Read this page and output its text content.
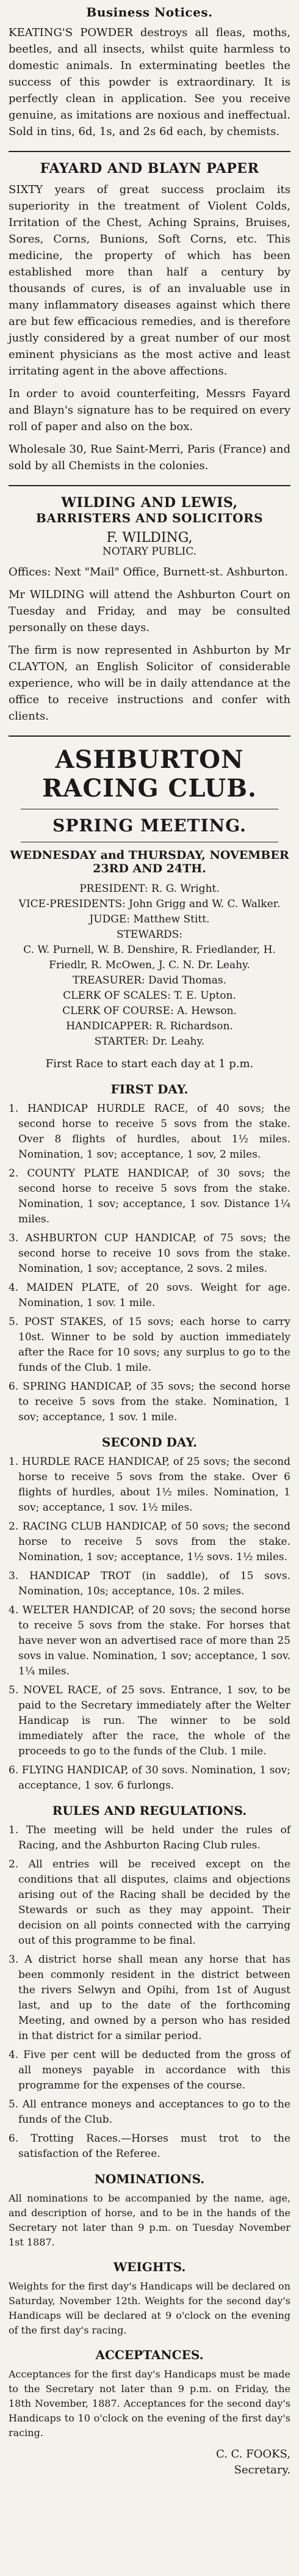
Business Notices.

KEATING'S POWDER destroys all fleas, moths, beetles, and all insects, whilst quite harmless to domestic animals. In exterminating beetles the success of this powder is extraordinary. It is perfectly clean in application. See you receive genuine, as imitations are noxious and ineffectual. Sold in tins, 6d, 1s, and 2s 6d each, by chemists.

FAYARD AND BLAYN PAPER

SIXTY years of great success proclaim its superiority in the treatment of Violent Colds, Irritation of the Chest, Aching Sprains, Bruises, Sores, Corns, Bunions, Soft Corns, etc. This medicine, the property of which has been established more than half a century by thousands of cures, is of an invaluable use in many inflammatory diseases against which there are but few efficacious remedies, and is therefore justly considered by a great number of our most eminent physicians as the most active and least irritating agent in the above affections.

In order to avoid counterfeiting, Messrs Fayard and Blayn's signature has to be required on every roll of paper and also on the box.

Wholesale 30, Rue Saint-Merri, Paris (France) and sold by all Chemists in the colonies.

WILDING AND LEWIS,
BARRISTERS AND SOLICITORS
F. WILDING,
NOTARY PUBLIC.

Offices: Next "Mail" Office, Burnett-st. Ashburton.

Mr WILDING will attend the Ashburton Court on Tuesday and Friday, and may be consulted personally on these days.

The firm is now represented in Ashburton by Mr CLAYTON, an English Solicitor of considerable experience, who will be in daily attendance at the office to receive instructions and confer with clients.

ASHBURTON RACING CLUB.
SPRING MEETING.
WEDNESDAY and THURSDAY, NOVEMBER 23RD AND 24TH.

PRESIDENT: R. G. Wright.

VICE-PRESIDENTS: John Grigg and W. C. Walker.

JUDGE: Matthew Stitt.

STEWARDS:

C. W. Purnell, W. B. Denshire, R. Friedlander, H. Friedlr, R. McOwen, J. C. N. Dr. Leahy.

TREASURER: David Thomas.

CLERK OF SCALES: T. E. Upton.

CLERK OF COURSE: A. Hewson.

HANDICAPPER: R. Richardson.

STARTER: Dr. Leahy.

First Race to start each day at 1 p.m.

FIRST DAY.

1. HANDICAP HURDLE RACE, of 40 sovs; the second horse to receive 5 sovs from the stake. Over 8 flights of hurdles, about 1½ miles. Nomination, 1 sov; acceptance, 1 sov, 2 miles.

2. COUNTY PLATE HANDICAP, of 30 sovs; the second horse to receive 5 sovs from the stake. Nomination, 1 sov; acceptance, 1 sov. Distance 1¼ miles.

3. ASHBURTON CUP HANDICAP, of 75 sovs; the second horse to receive 10 sovs from the stake. Nomination, 1 sov; acceptance, 2 sovs. 2 miles.

4. MAIDEN PLATE, of 20 sovs. Weight for age. Nomination, 1 sov. 1 mile.

5. POST STAKES, of 15 sovs; each horse to carry 10st. Winner to be sold by auction immediately after the Race for 10 sovs; any surplus to go to the funds of the Club. 1 mile.

6. SPRING HANDICAP, of 35 sovs; the second horse to receive 5 sovs from the stake. Nomination, 1 sov; acceptance, 1 sov. 1 mile.

SECOND DAY.

1. HURDLE RACE HANDICAP, of 25 sovs; the second horse to receive 5 sovs from the stake. Over 6 flights of hurdles, about 1½ miles. Nomination, 1 sov; acceptance, 1 sov. 1½ miles.

2. RACING CLUB HANDICAP, of 50 sovs; the second horse to receive 5 sovs from the stake. Nomination, 1 sov; acceptance, 1½ sovs. 1½ miles.

3. HANDICAP TROT (in saddle), of 15 sovs. Nomination, 10s; acceptance, 10s. 2 miles.

4. WELTER HANDICAP, of 20 sovs; the second horse to receive 5 sovs from the stake. For horses that have never won an advertised race of more than 25 sovs in value. Nomination, 1 sov; acceptance, 1 sov. 1¼ miles.

5. NOVEL RACE, of 25 sovs. Entrance, 1 sov, to be paid to the Secretary immediately after the Welter Handicap is run. The winner to be sold immediately after the race, the whole of the proceeds to go to the funds of the Club. 1 mile.

6. FLYING HANDICAP, of 30 sovs. Nomination, 1 sov; acceptance, 1 sov. 6 furlongs.

RULES AND REGULATIONS.

1. The meeting will be held under the rules of Racing, and the Ashburton Racing Club rules.

2. All entries will be received except on the conditions that all disputes, claims and objections arising out of the Racing shall be decided by the Stewards or such as they may appoint. Their decision on all points connected with the carrying out of this programme to be final.

3. A district horse shall mean any horse that has been commonly resident in the district between the rivers Selwyn and Opihi, from 1st of August last, and up to the date of the forthcoming Meeting, and owned by a person who has resided in that district for a similar period.

4. Five per cent will be deducted from the gross of all moneys payable in accordance with this programme for the expenses of the course.

5. All entrance moneys and acceptances to go to the funds of the Club.

6. Trotting Races.—Horses must trot to the satisfaction of the Referee.

NOMINATIONS.

All nominations to be accompanied by the name, age, and description of horse, and to be in the hands of the Secretary not later than 9 p.m. on Tuesday November 1st 1887.

WEIGHTS.

Weights for the first day's Handicaps will be declared on Saturday, November 12th. Weights for the second day's Handicaps will be declared at 9 o'clock on the evening of the first day's racing.

ACCEPTANCES.

Acceptances for the first day's Handicaps must be made to the Secretary not later than 9 p.m. on Friday, the 18th November, 1887. Acceptances for the second day's Handicaps to 10 o'clock on the evening of the first day's racing.

C. C. FOOKS,

Secretary.
